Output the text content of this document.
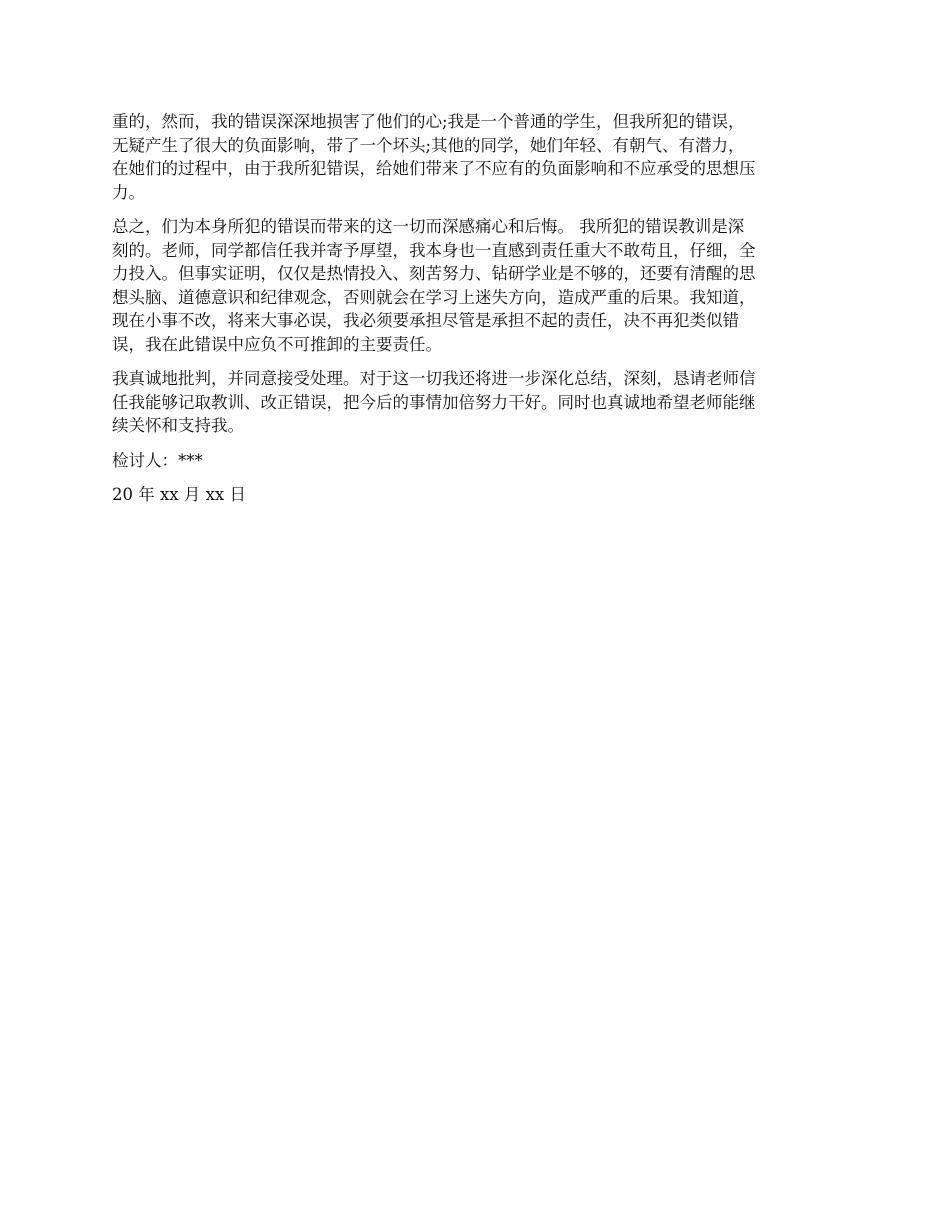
重的，然而，我的错误深深地损害了他们的心;我是一个普通的学生，但我所犯的错误，
无疑产生了很大的负面影响，带了一个坏头;其他的同学，她们年轻、有朝气、有潜力，
在她们的过程中，由于我所犯错误，给她们带来了不应有的负面影响和不应承受的思想压
力。

总之，们为本身所犯的错误而带来的这一切而深感痛心和后悔。 我所犯的错误教训是深
刻的。老师，同学都信任我并寄予厚望，我本身也一直感到责任重大不敢苟且，仔细，全
力投入。但事实证明，仅仅是热情投入、刻苦努力、钻研学业是不够的，还要有清醒的思
想头脑、道德意识和纪律观念，否则就会在学习上迷失方向，造成严重的后果。我知道，
现在小事不改，将来大事必误，我必须要承担尽管是承担不起的责任，决不再犯类似错
误，我在此错误中应负不可推卸的主要责任。

我真诚地批判，并同意接受处理。对于这一切我还将进一步深化总结，深刻，恳请老师信
任我能够记取教训、改正错误，把今后的事情加倍努力干好。同时也真诚地希望老师能继
续关怀和支持我。

检讨人：***

20 年 xx 月 xx 日
